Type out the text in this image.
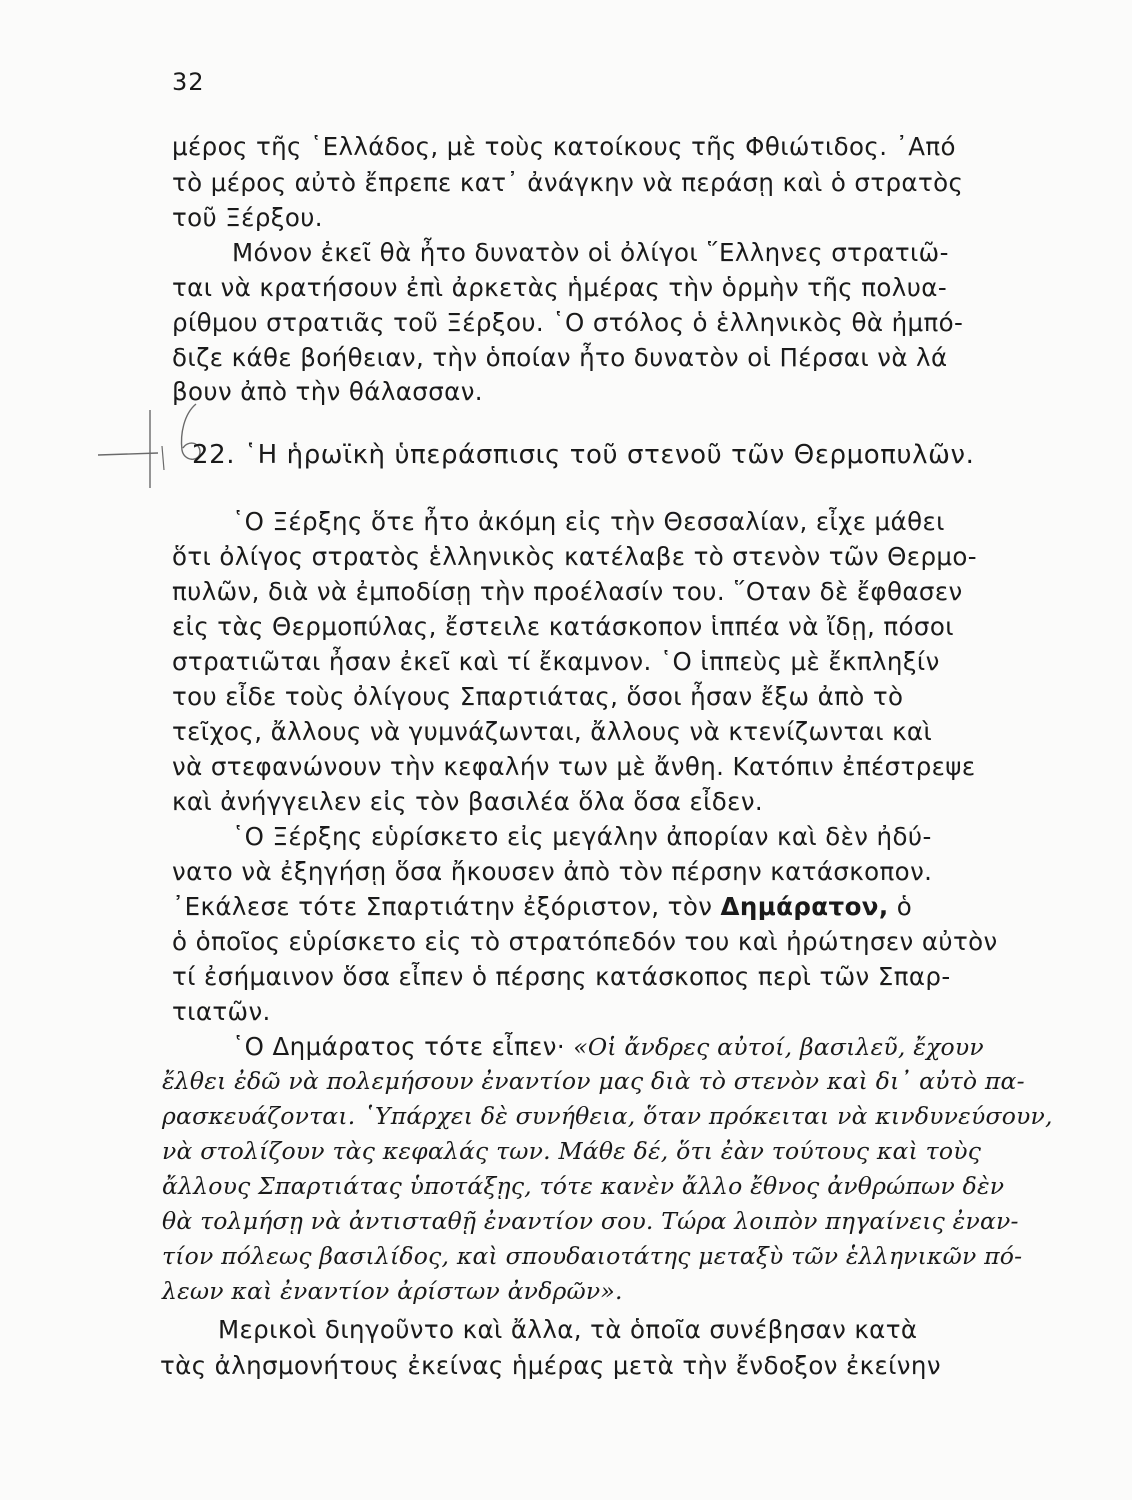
32
μέρος τῆς ῾Ελλάδος, μὲ τοὺς κατοίκους τῆς Φθιώτιδος. ᾿Από
τὸ μέρος αὐτὸ ἔπρεπε κατ᾿ ἀνάγκην νὰ περάσῃ καὶ ὁ στρατὸς
τοῦ Ξέρξου.
Μόνον ἐκεῖ θὰ ἦτο δυνατὸν οἱ ὀλίγοι ῞Ελληνες στρατιῶ-
ται νὰ κρατήσουν ἐπὶ ἀρκετὰς ἡμέρας τὴν ὁρμὴν τῆς πολυα-
ρίθμου στρατιᾶς τοῦ Ξέρξου. ῾Ο στόλος ὁ ἑλληνικὸς θὰ ἠμπό-
διζε κάθε βοήθειαν, τὴν ὁποίαν ἦτο δυνατὸν οἱ Πέρσαι νὰ λά
βουν ἀπὸ τὴν θάλασσαν.
22. ῾Η ἡρωϊκὴ ὑπεράσπισις τοῦ στενοῦ τῶν Θερμοπυλῶν.
῾Ο Ξέρξης ὅτε ἦτο ἀκόμη εἰς τὴν Θεσσαλίαν, εἶχε μάθει
ὅτι ὀλίγος στρατὸς ἑλληνικὸς κατέλαβε τὸ στενὸν τῶν Θερμο-
πυλῶν, διὰ νὰ ἐμποδίσῃ τὴν προέλασίν του. ῞Οταν δὲ ἔφθασεν
εἰς τὰς Θερμοπύλας, ἔστειλε κατάσκοπον ἱππέα νὰ ἴδῃ, πόσοι
στρατιῶται ἦσαν ἐκεῖ καὶ τί ἔκαμνον. ῾Ο ἱππεὺς μὲ ἔκπληξίν
του εἶδε τοὺς ὀλίγους Σπαρτιάτας, ὅσοι ἦσαν ἔξω ἀπὸ τὸ
τεῖχος, ἄλλους νὰ γυμνάζωνται, ἄλλους νὰ κτενίζωνται καὶ
νὰ στεφανώνουν τὴν κεφαλήν των μὲ ἄνθη. Κατόπιν ἐπέστρεψε
καὶ ἀνήγγειλεν εἰς τὸν βασιλέα ὅλα ὅσα εἶδεν.
῾Ο Ξέρξης εὑρίσκετο εἰς μεγάλην ἀπορίαν καὶ δὲν ἠδύ-
νατο νὰ ἐξηγήσῃ ὅσα ἤκουσεν ἀπὸ τὸν πέρσην κατάσκοπον.
᾿Εκάλεσε τότε Σπαρτιάτην ἐξόριστον, τὸν Δημάρατον, ὁ
ὁ ὁποῖος εὑρίσκετο εἰς τὸ στρατόπεδόν του καὶ ἠρώτησεν αὐτὸν
τί ἐσήμαινον ὅσα εἶπεν ὁ πέρσης κατάσκοπος περὶ τῶν Σπαρ-
τιατῶν.
῾Ο Δημάρατος τότε εἶπεν· «Οἱ ἄνδρες αὐτοί, βασιλεῦ, ἔχουν
ἔλθει ἐδῶ νὰ πολεμήσουν ἐναντίον μας διὰ τὸ στενὸν καὶ δι᾿ αὐτὸ πα-
ρασκευάζονται. ῾Υπάρχει δὲ συνήθεια, ὅταν πρόκειται νὰ κινδυνεύσουν,
νὰ στολίζουν τὰς κεφαλάς των. Μάθε δέ, ὅτι ἐὰν τούτους καὶ τοὺς
ἄλλους Σπαρτιάτας ὑποτάξῃς, τότε κανὲν ἄλλο ἔθνος ἀνθρώπων δὲν
θὰ τολμήσῃ νὰ ἀντισταθῇ ἐναντίον σου. Τώρα λοιπὸν πηγαίνεις ἐναν-
τίον πόλεως βασιλίδος, καὶ σπουδαιοτάτης μεταξὺ τῶν ἑλληνικῶν πό-
λεων καὶ ἐναντίον ἀρίστων ἀνδρῶν».
Μερικοὶ διηγοῦντο καὶ ἄλλα, τὰ ὁποῖα συνέβησαν κατὰ
τὰς ἀλησμονήτους ἐκείνας ἡμέρας μετὰ τὴν ἔνδοξον ἐκείνην
